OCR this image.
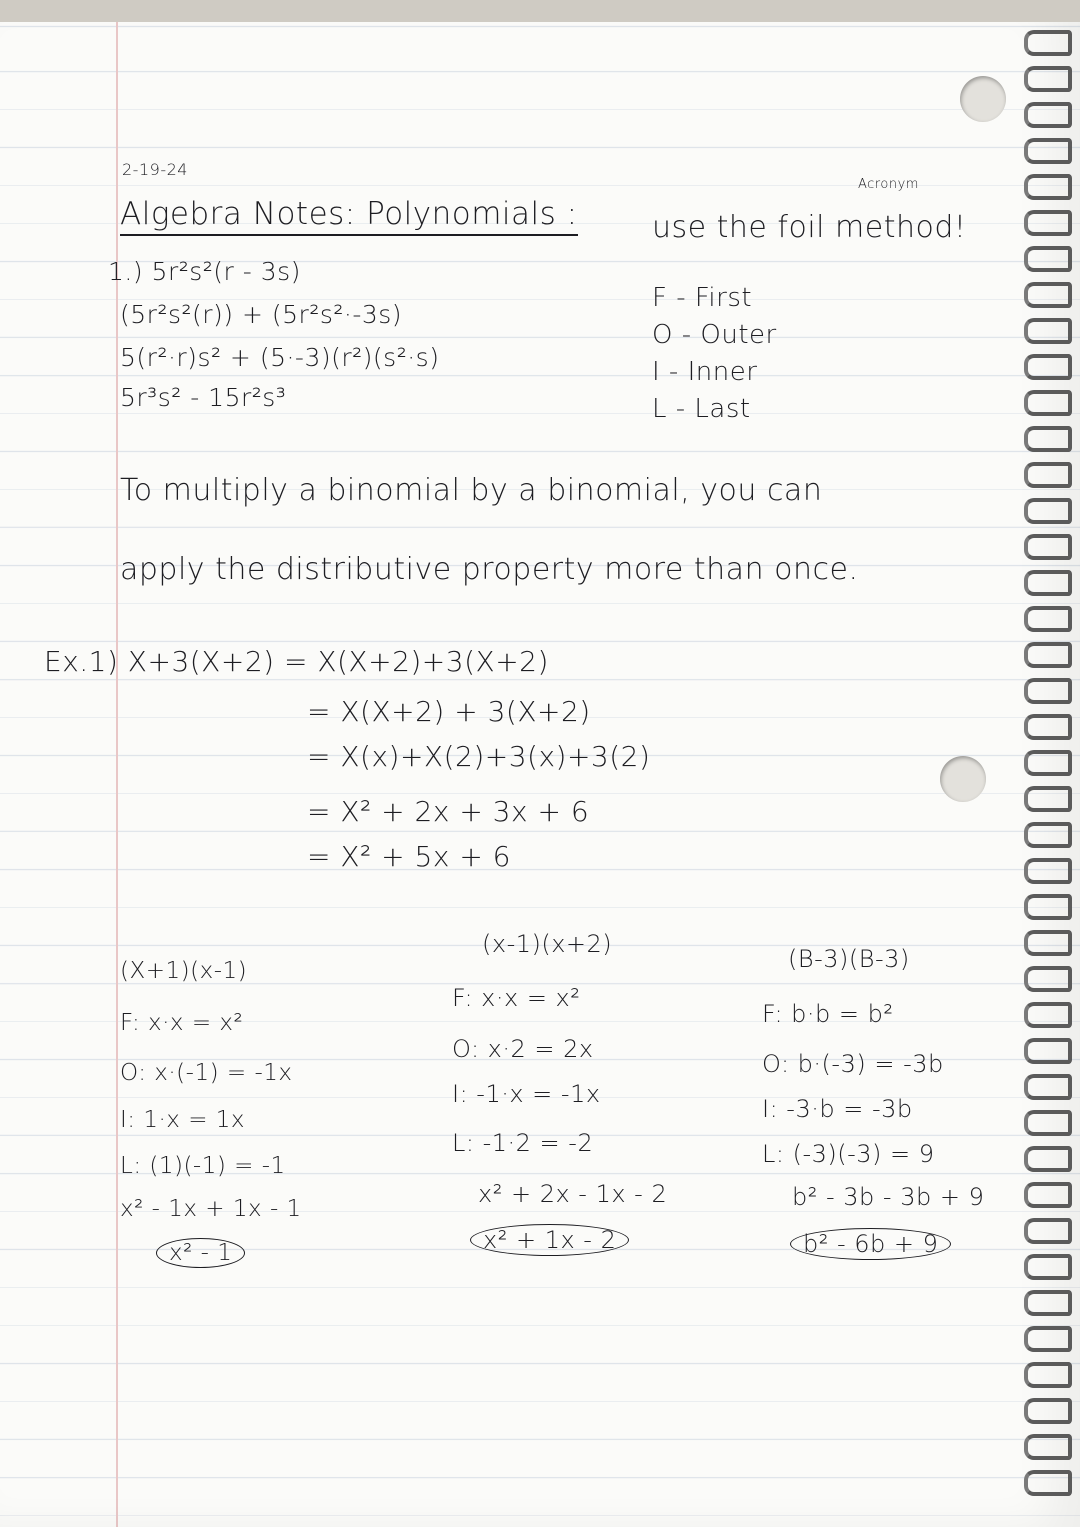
2-19-24
Algebra Notes: Polynomials :
Acronym
use the foil method!
F - First
O - Outer
I - Inner
L - Last
1.) 5r²s²(r - 3s)
(5r²s²(r)) + (5r²s²·-3s)
5(r²·r)s² + (5·-3)(r²)(s²·s)
5r³s² - 15r²s³
To multiply a binomial by a binomial, you can
apply the distributive property more than once.
Ex.1) X+3(X+2) = X(X+2)+3(X+2)
= X(X+2) + 3(X+2)
= X(x)+X(2)+3(x)+3(2)
= X² + 2x + 3x + 6
= X² + 5x + 6
(X+1)(x-1)
F: x·x = x²
O: x·(-1) = -1x
I: 1·x = 1x
L: (1)(-1) = -1
x² - 1x + 1x - 1
x² - 1
(x-1)(x+2)
F: x·x = x²
O: x·2 = 2x
I: -1·x = -1x
L: -1·2 = -2
x² + 2x - 1x - 2
x² + 1x - 2
(B-3)(B-3)
F: b·b = b²
O: b·(-3) = -3b
I: -3·b = -3b
L: (-3)(-3) = 9
b² - 3b - 3b + 9
b² - 6b + 9
